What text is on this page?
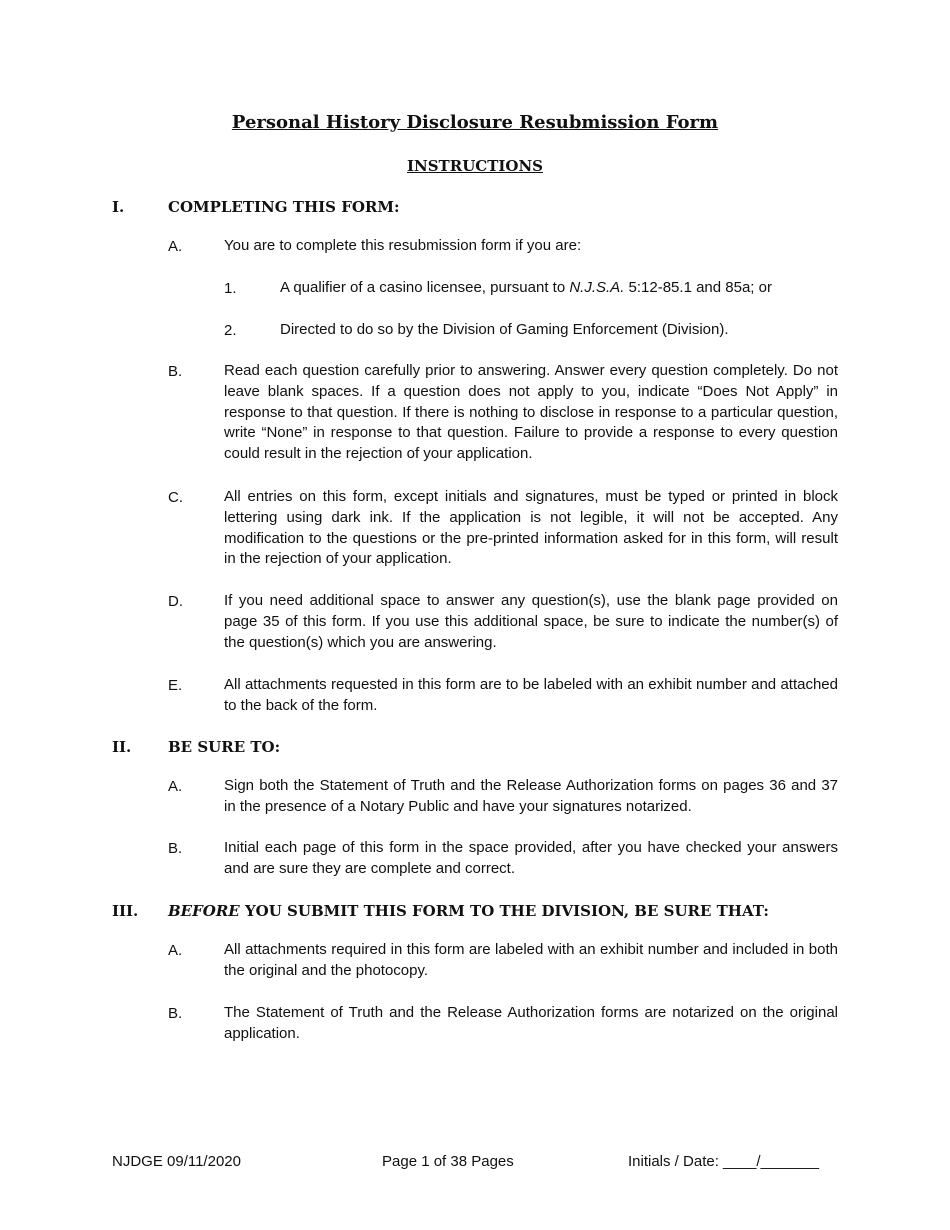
Personal History Disclosure Resubmission Form
INSTRUCTIONS
I.	COMPLETING THIS FORM:
A.	You are to complete this resubmission form if you are:
1.	A qualifier of a casino licensee, pursuant to N.J.S.A. 5:12-85.1 and 85a; or
2.	Directed to do so by the Division of Gaming Enforcement (Division).
B.	Read each question carefully prior to answering. Answer every question completely. Do not leave blank spaces. If a question does not apply to you, indicate “Does Not Apply” in response to that question. If there is nothing to disclose in response to a particular question, write “None” in response to that question. Failure to provide a response to every question could result in the rejection of your application.
C.	All entries on this form, except initials and signatures, must be typed or printed in block lettering using dark ink. If the application is not legible, it will not be accepted. Any modification to the questions or the pre-printed information asked for in this form, will result in the rejection of your application.
D.	If you need additional space to answer any question(s), use the blank page provided on page 35 of this form. If you use this additional space, be sure to indicate the number(s) of the question(s) which you are answering.
E.	All attachments requested in this form are to be labeled with an exhibit number and attached to the back of the form.
II. BE SURE TO:
A.	Sign both the Statement of Truth and the Release Authorization forms on pages 36 and 37 in the presence of a Notary Public and have your signatures notarized.
B.	Initial each page of this form in the space provided, after you have checked your answers and are sure they are complete and correct.
III. BEFORE YOU SUBMIT THIS FORM TO THE DIVISION, BE SURE THAT:
A.	All attachments required in this form are labeled with an exhibit number and included in both the original and the photocopy.
B.	The Statement of Truth and the Release Authorization forms are notarized on the original application.
NJDGE 09/11/2020	Page 1 of 38 Pages	Initials / Date: ____/_______
